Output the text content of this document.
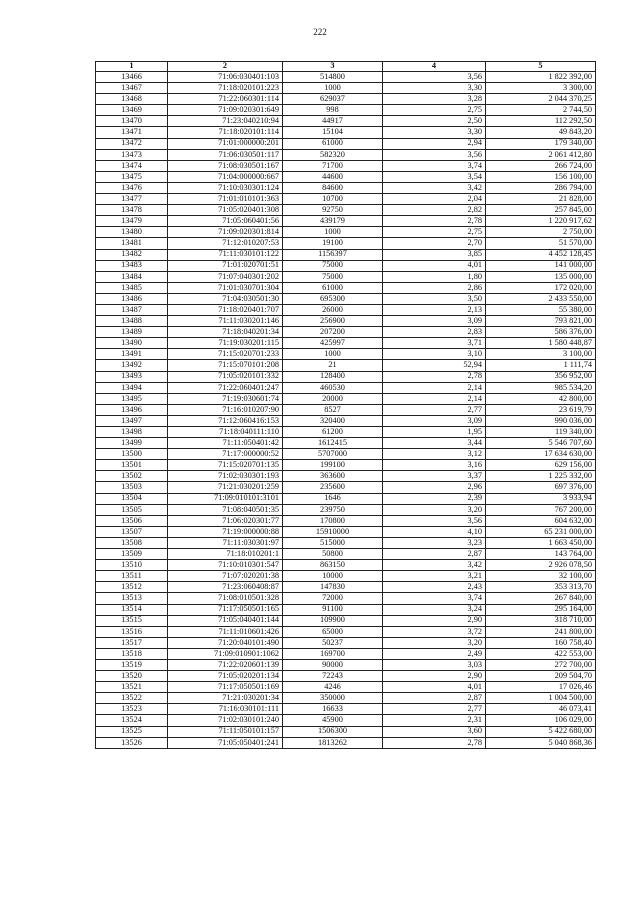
222
1	2	3	4	5
13466	71:06:030401:103	514800	3,56	1 822 392,00
13467	71:18:020101:223	1000	3,30	3 300,00
13468	71:22:060301:114	629037	3,28	2 044 370,25
13469	71:09:020301:649	998	2,75	2 744,50
13470	71:23:040210:94	44917	2,50	112 292,50
13471	71:18:020101:114	15104	3,30	49 843,20
13472	71:01:000000:201	61000	2,94	179 340,00
13473	71:06:030501:117	582320	3,56	2 061 412,80
13474	71:08:030501:167	71700	3,74	266 724,00
13475	71:04:000000:667	44600	3,54	156 100,00
13476	71:10:030301:124	84600	3,42	286 794,00
13477	71:01:010101:363	10700	2,04	21 828,00
13478	71:05:020401:308	92750	2,82	257 845,00
13479	71:05:060401:56	439179	2,78	1 220 917,62
13480	71:09:020301:814	1000	2,75	2 750,00
13481	71:12:010207:53	19100	2,70	51 570,00
13482	71:11:030101:122	1156397	3,85	4 452 128,45
13483	71:01:020701:51	75000	4,01	141 000,00
13484	71:07:040301:202	75000	1,80	135 000,00
13485	71:01:030701:304	61000	2,86	172 020,00
13486	71:04:030501:30	695300	3,50	2 433 550,00
13487	71:18:020401:707	26000	2,13	55 380,00
13488	71:11:030201:146	256900	3,09	793 821,00
13489	71:18:040201:34	207200	2,83	586 376,00
13490	71:19:030201:115	425997	3,71	1 580 448,87
13491	71:15:020701:233	1000	3,10	3 100,00
13492	71:15:070101:208	21	52,94	1 111,74
13493	71:05:020101:332	128400	2,78	356 952,00
13494	71:22:060401:247	460530	2,14	985 534,20
13495	71:19:030601:74	20000	2,14	42 800,00
13496	71:16:010207:90	8527	2,77	23 619,79
13497	71:12:060416:153	320400	3,09	990 036,00
13498	71:18:040111:110	61200	1,95	119 340,00
13499	71:11:050401:42	1612415	3,44	5 546 707,60
13500	71:17:000000:52	5707000	3,12	17 634 630,00
13501	71:15:020701:135	199100	3,16	629 156,00
13502	71:02:030301:193	363600	3,37	1 225 332,00
13503	71:21:030201:259	235600	2,96	697 376,00
13504	71:09:010101:3101	1646	2,39	3 933,94
13505	71:08:040501:35	239750	3,20	767 200,00
13506	71:06:020301:77	170800	3,56	604 632,00
13507	71:19:000000:88	15910000	4,10	65 231 000,00
13508	71:11:030301:97	515000	3,23	1 663 450,00
13509	71:18:010201:1	50800	2,87	143 764,00
13510	71:10:010301:547	863150	3,42	2 926 078,50
13511	71:07:020201:38	10000	3,21	32 100,00
13512	71:23:060408:87	147830	2,43	353 313,70
13513	71:08:010501:328	72000	3,74	267 840,00
13514	71:17:050501:165	91100	3,24	295 164,00
13515	71:05:040401:144	109900	2,90	318 710,00
13516	71:11:010601:426	65000	3,72	241 800,00
13517	71:20:040101:490	50237	3,20	160 758,40
13518	71:09:010901:1062	169700	2,49	422 553,00
13519	71:22:020601:139	90000	3,03	272 700,00
13520	71:05:020201:134	72243	2,90	209 504,70
13521	71:17:050501:169	4246	4,01	17 026,46
13522	71:21:030201:34	350000	2,87	1 004 500,00
13523	71:16:030101:111	16633	2,77	46 073,41
13524	71:02:030101:240	45900	2,31	106 029,00
13525	71:11:050101:157	1506300	3,60	5 422 680,00
13526	71:05:050401:241	1813262	2,78	5 040 868,36
